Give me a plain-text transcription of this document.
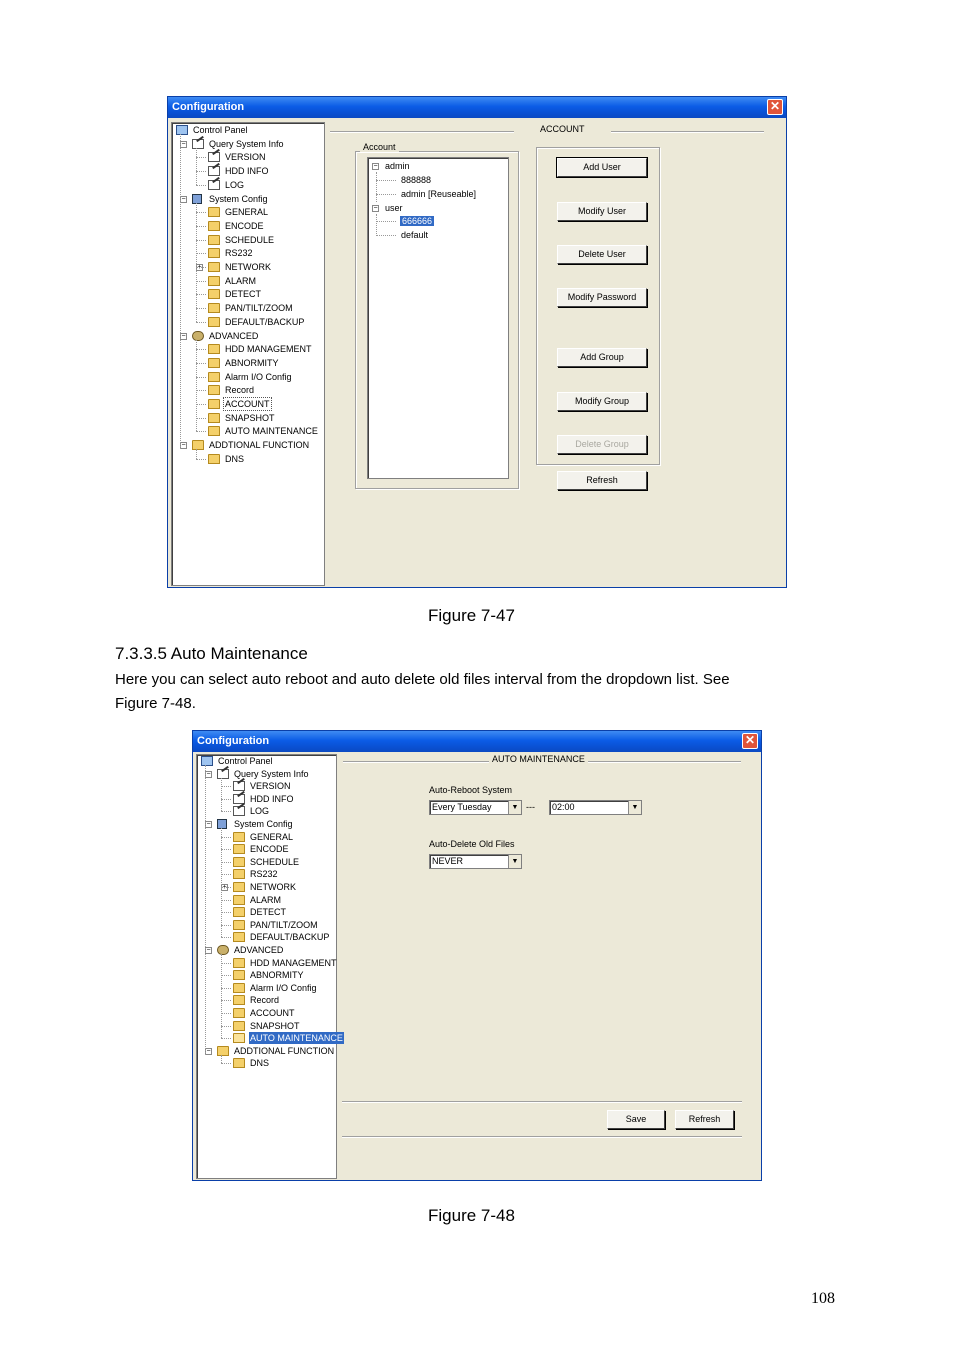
Configuration	✕
Control Panel
Query System Info
−
VERSION
HDD INFO
LOG
System Config
−
GENERAL
ENCODE
SCHEDULE
RS232
NETWORK
+
ALARM
DETECT
PAN/TILT/ZOOM
DEFAULT/BACKUP
ADVANCED
−
HDD MANAGEMENT
ABNORMITY
Alarm I/O Config
Record
ACCOUNT
SNAPSHOT
AUTO MAINTENANCE
ADDTIONAL FUNCTION
−
DNS
ACCOUNT
Account
− admin
888888
admin [Reuseable]
− user
666666
default
Add User
Modify User
Delete User
Modify Password
Add Group
Modify Group
Delete Group
Refresh
Figure 7-47
7.3.3.5 Auto Maintenance
Here you can select auto reboot and auto delete old files interval from the dropdown list. See
Figure 7-48.
Configuration	✕
Control Panel
Query System Info
−
VERSION
HDD INFO
LOG
System Config
−
GENERAL
ENCODE
SCHEDULE
RS232
NETWORK
+
ALARM
DETECT
PAN/TILT/ZOOM
DEFAULT/BACKUP
ADVANCED
−
HDD MANAGEMENT
ABNORMITY
Alarm I/O Config
Record
ACCOUNT
SNAPSHOT
AUTO MAINTENANCE
ADDTIONAL FUNCTION
−
DNS
AUTO MAINTENANCE
Auto-Reboot System
Every Tuesday	▼ ---	02:00	▼
Auto-Delete Old Files
NEVER	▼
Save	Refresh
Figure 7-48
108
